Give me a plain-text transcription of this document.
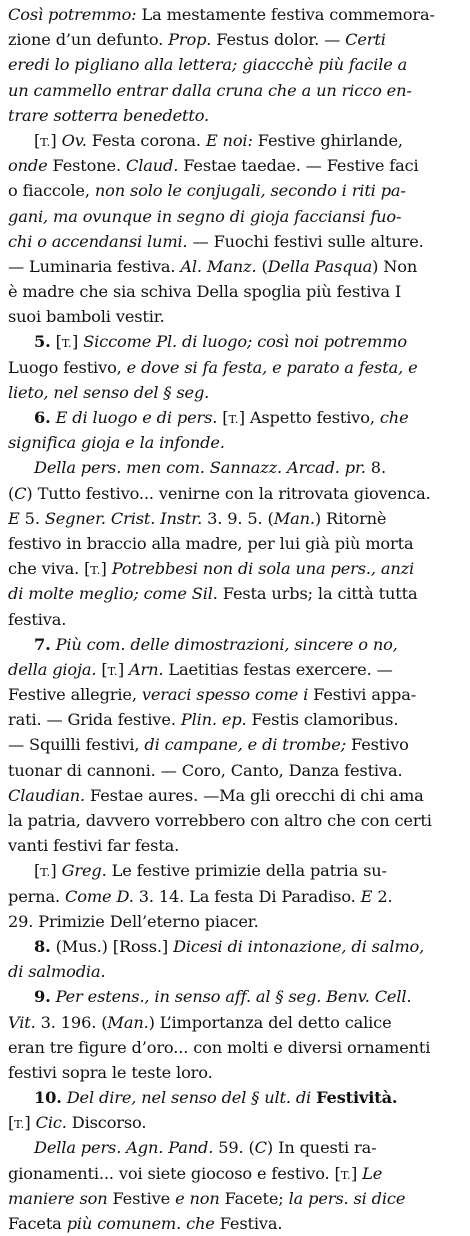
Così potremmo: La mestamente festiva commemora-
zione d’un defunto. Prop. Festus dolor. — Certi
eredi lo pigliano alla lettera; giaccchè più facile a
un cammello entrar dalla cruna che a un ricco en-
trare sotterra benedetto.
[T.] Ov. Festa corona. E noi: Festive ghirlande,
onde Festone. Claud. Festae taedae. — Festive faci
o fiaccole, non solo le conjugali, secondo i riti pa-
gani, ma ovunque in segno di gioja facciansi fuo-
chi o accendansi lumi. — Fuochi festivi sulle alture.
— Luminaria festiva. Al. Manz. (Della Pasqua) Non
è madre che sia schiva Della spoglia più festiva I
suoi bamboli vestir.
5. [T.] Siccome Pl. di luogo; così noi potremmo
Luogo festivo, e dove si fa festa, e parato a festa, e
lieto, nel senso del § seg.
6. E di luogo e di pers. [T.] Aspetto festivo, che
significa gioja e la infonde.
Della pers. men com. Sannazz. Arcad. pr. 8.
(C) Tutto festivo... venirne con la ritrovata giovenca.
E 5. Segner. Crist. Instr. 3. 9. 5. (Man.) Ritornè
festivo in braccio alla madre, per lui già più morta
che viva. [T.] Potrebbesi non di sola una pers., anzi
di molte meglio; come Sil. Festa urbs; la città tutta
festiva.
7. Più com. delle dimostrazioni, sincere o no,
della gioja. [T.] Arn. Laetitias festas exercere. —
Festive allegrie, veraci spesso come i Festivi appa-
rati. — Grida festive. Plin. ep. Festis clamoribus.
— Squilli festivi, di campane, e di trombe; Festivo
tuonar di cannoni. — Coro, Canto, Danza festiva.
Claudian. Festae aures. —Ma gli orecchi di chi ama
la patria, davvero vorrebbero con altro che con certi
vanti festivi far festa.
[T.] Greg. Le festive primizie della patria su-
perna. Come D. 3. 14. La festa Di Paradiso. E 2.
29. Primizie Dell’eterno piacer.
8. (Mus.) [Ross.] Dicesi di intonazione, di salmo,
di salmodia.
9. Per estens., in senso aff. al § seg. Benv. Cell.
Vit. 3. 196. (Man.) L’importanza del detto calice
eran tre figure d’oro... con molti e diversi ornamenti
festivi sopra le teste loro.
10. Del dire, nel senso del § ult. di Festività.
[T.] Cic. Discorso.
Della pers. Agn. Pand. 59. (C) In questi ra-
gionamenti... voi siete giocoso e festivo. [T.] Le
maniere son Festive e non Facete; la pers. si dice
Faceta più comunem. che Festiva.
